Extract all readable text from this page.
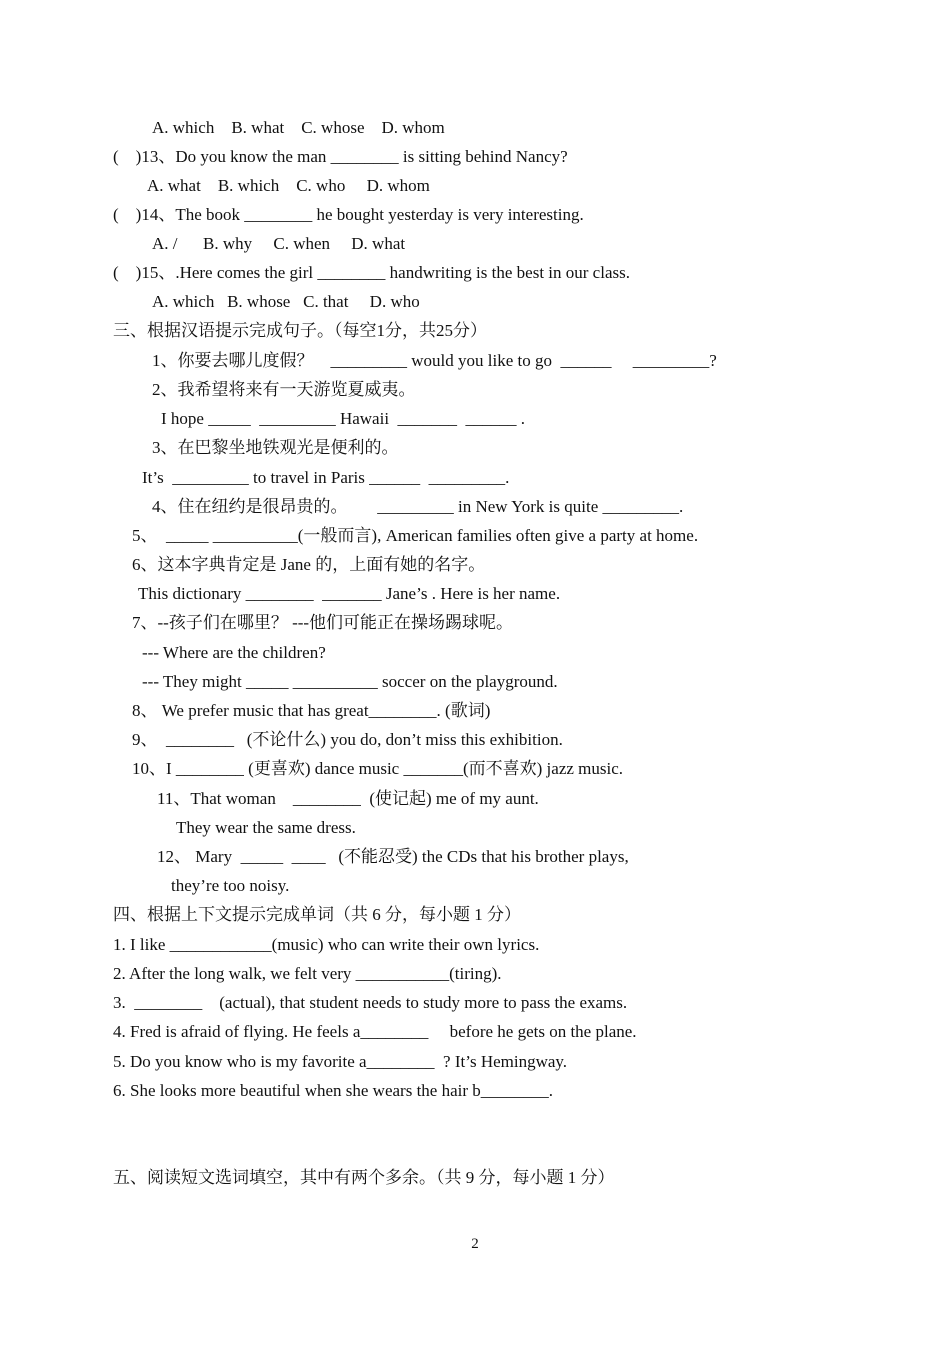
A. which    B. what    C. whose    D. whom
(    )13、Do you know the man ________ is sitting behind Nancy?
A. what    B. which    C. who     D. whom
(    )14、The book ________ he bought yesterday is very interesting.
A. /      B. why     C. when     D. what
(    )15、.Here comes the girl ________ handwriting is the best in our class.
A. which   B. whose   C. that     D. who
三、根据汉语提示完成句子。（每空1分，共25分）
1、你要去哪儿度假？    _________ would you like to go  ______     _________?
2、我希望将来有一天游览夏威夷。
I hope _____  _________ Hawaii  _______  ______ .
3、在巴黎坐地铁观光是便利的。
It’s  _________ to travel in Paris ______  _________.
4、住在纽约是很昂贵的。       _________ in New York is quite _________.
5、  _____ __________(一般而言), American families often give a party at home.
6、这本字典肯定是 Jane 的，上面有她的名字。
This dictionary ________  _______ Jane’s . Here is her name.
7、--孩子们在哪里？ ---他们可能正在操场踢球呢。
--- Where are the children?
--- They might _____ __________ soccer on the playground.
8、 We prefer music that has great________. (歌词)
9、  ________   (不论什么) you do, don’t miss this exhibition.
10、I ________ (更喜欢) dance music _______(而不喜欢) jazz music.
11、That woman    ________  (使记起) me of my aunt.
They wear the same dress.
12、 Mary  _____  ____   (不能忍受) the CDs that his brother plays,
they’re too noisy.
四、根据上下文提示完成单词（共 6 分，每小题 1 分）
1. I like ____________(music) who can write their own lyrics.
2. After the long walk, we felt very ___________(tiring).
3.  ________    (actual), that student needs to study more to pass the exams.
4. Fred is afraid of flying. He feels a________     before he gets on the plane.
5. Do you know who is my favorite a________  ? It’s Hemingway.
6. She looks more beautiful when she wears the hair b________.
五、阅读短文选词填空，其中有两个多余。（共 9 分，每小题 1 分）
2
